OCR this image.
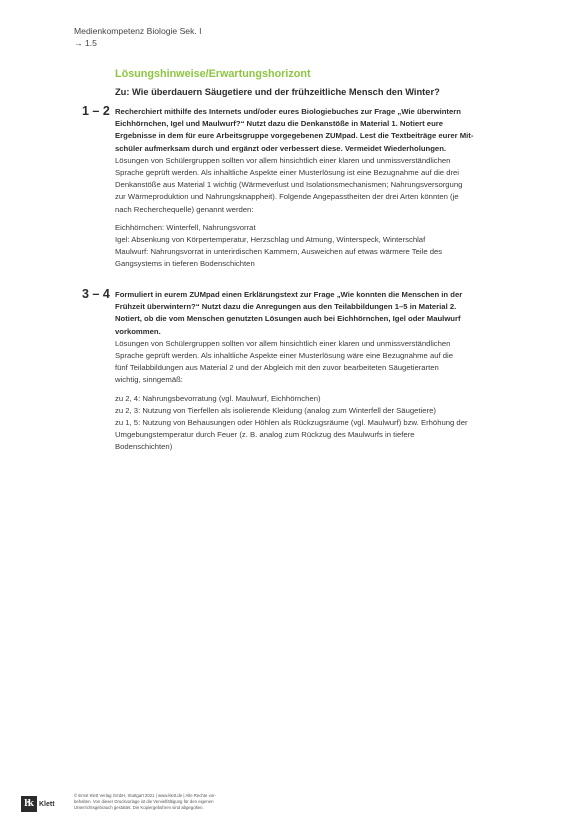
Medienkompetenz Biologie Sek. I
→ 1.5
Lösungshinweise/Erwartungshorizont
Zu: Wie überdauern Säugetiere und der frühzeitliche Mensch den Winter?
1 – 2 Recherchiert mithilfe des Internets und/oder eures Biologiebuches zur Frage „Wie überwintern

Eichhörnchen, Igel und Maulwurf?“ Nutzt dazu die Denkanstöße in Material 1. Notiert eure

Ergebnisse in dem für eure Arbeitsgruppe vorgegebenen ZUMpad. Lest die Textbeiträge eurer Mit-

schüler aufmerksam durch und ergänzt oder verbessert diese. Vermeidet Wiederholungen.

Lösungen von Schülergruppen sollten vor allem hinsichtlich einer klaren und unmissverständlichen

Sprache geprüft werden. Als inhaltliche Aspekte einer Musterlösung ist eine Bezugnahme auf die drei

Denkanstöße aus Material 1 wichtig (Wärmeverlust und Isolationsmechanismen; Nahrungsversorgung

zur Wärmeproduktion und Nahrungsknappheit). Folgende Angepasstheiten der drei Arten könnten (je

nach Recherchequelle) genannt werden:

Eichhörnchen: Winterfell, Nahrungsvorrat

Igel: Absenkung von Körpertemperatur, Herzschlag und Atmung, Winterspeck, Winterschlaf

Maulwurf: Nahrungsvorrat in unterirdischen Kammern, Ausweichen auf etwas wärmere Teile des

Gangsystems in tieferen Bodenschichten

3 – 4 Formuliert in eurem ZUMpad einen Erklärungstext zur Frage „Wie konnten die Menschen in der

Frühzeit überwintern?“ Nutzt dazu die Anregungen aus den Teilabbildungen 1–5 in Material 2.

Notiert, ob die vom Menschen genutzten Lösungen auch bei Eichhörnchen, Igel oder Maulwurf

vorkommen.

Lösungen von Schülergruppen sollten vor allem hinsichtlich einer klaren und unmissverständlichen

Sprache geprüft werden. Als inhaltliche Aspekte einer Musterlösung wäre eine Bezugnahme auf die

fünf Teilabbildungen aus Material 2 und der Abgleich mit den zuvor bearbeiteten Säugetierarten

wichtig, sinngemäß:

zu 2, 4: Nahrungsbevorratung (vgl. Maulwurf, Eichhörnchen)

zu 2, 3: Nutzung von Tierfellen als isolierende Kleidung (analog zum Winterfell der Säugetiere)

zu 1, 5: Nutzung von Behausungen oder Höhlen als Rückzugsräume (vgl. Maulwurf) bzw. Erhöhung der

Umgebungstemperatur durch Feuer (z. B. analog zum Rückzug des Maulwurfs in tiefere

Bodenschichten)

ŀk Klett

© Ernst Klett Verlag GmbH, Stuttgart 2021 | www.klett.de | Alle Rechte vor-

behalten. Von dieser Druckvorlage ist die Vervielfältigung für den eigenen

Unterrichtsgebrauch gestattet. Die Kopiergebühren sind abgegolten.
